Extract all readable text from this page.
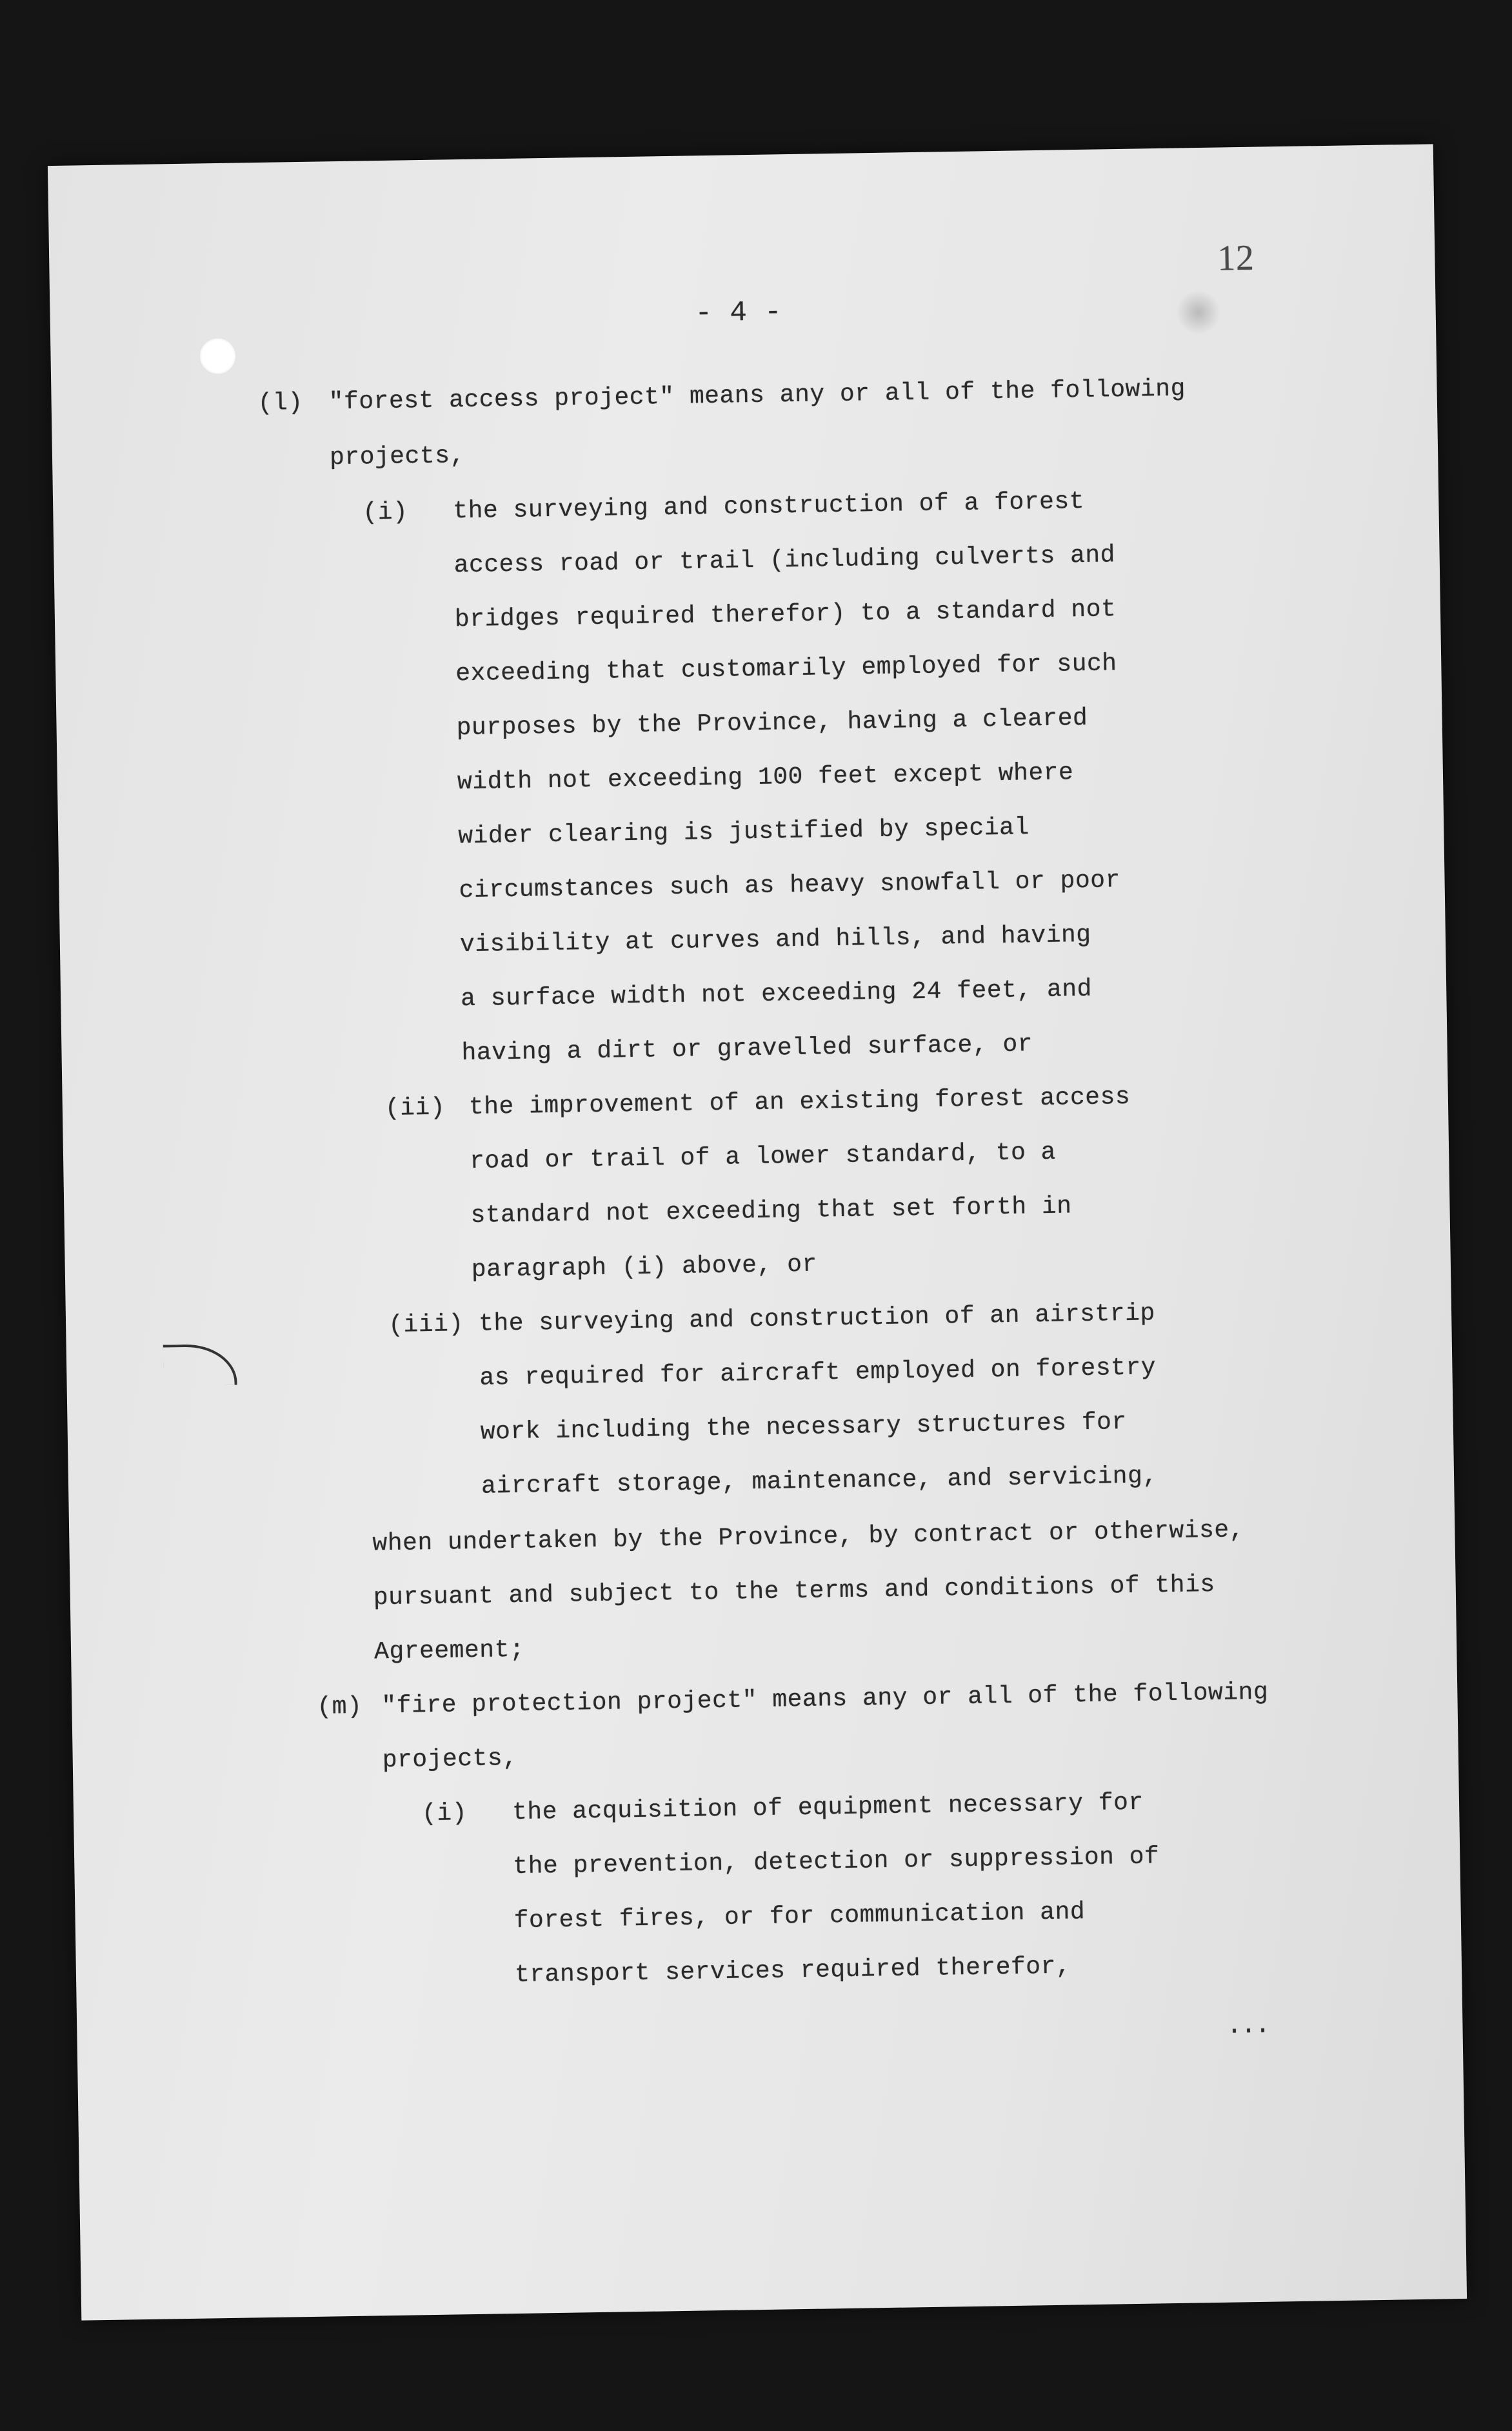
12
- 4 -
(l) "forest access project" means any or all of the following
projects,
(i) the surveying and construction of a forest
access road or trail (including culverts and
bridges required therefor) to a standard not
exceeding that customarily employed for such
purposes by the Province, having a cleared
width not exceeding 100 feet except where
wider clearing is justified by special
circumstances such as heavy snowfall or poor
visibility at curves and hills, and having
a surface width not exceeding 24 feet, and
having a dirt or gravelled surface, or
(ii) the improvement of an existing forest access
road or trail of a lower standard, to a
standard not exceeding that set forth in
paragraph (i) above, or
(iii) the surveying and construction of an airstrip
as required for aircraft employed on forestry
work including the necessary structures for
aircraft storage, maintenance, and servicing,
when undertaken by the Province, by contract or otherwise,
pursuant and subject to the terms and conditions of this
Agreement;
(m) "fire protection project" means any or all of the following
projects,
(i) the acquisition of equipment necessary for
the prevention, detection or suppression of
forest fires, or for communication and
transport services required therefor,
...
